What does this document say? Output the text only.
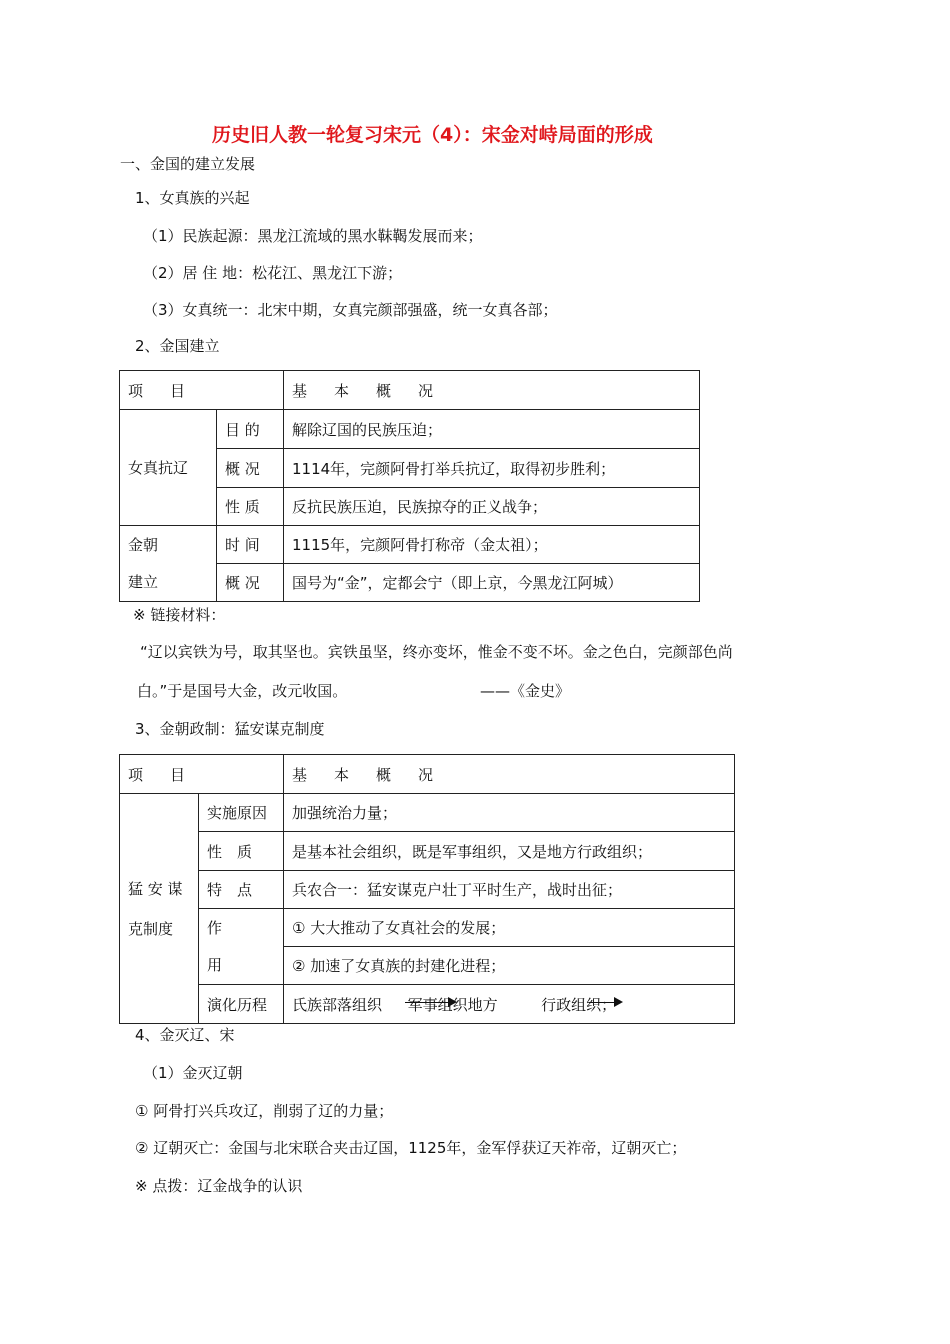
历史旧人教一轮复习宋元（4）：宋金对峙局面的形成
一、金国的建立发展
1、女真族的兴起
（1）民族起源：黑龙江流域的黑水靺鞨发展而来；
（2）居 住 地：松花江、黑龙江下游；
（3）女真统一：北宋中期，女真完颜部强盛，统一女真各部；
2、金国建立
项　目		基　本　概　况
女真抗辽	目 的	解除辽国的民族压迫；
	概 况	1114年，完颜阿骨打举兵抗辽，取得初步胜利；
	性 质	反抗民族压迫，民族掠夺的正义战争；

金朝
建立	时 间	1115年，完颜阿骨打称帝（金太祖）；
	概 况	国号为“金”，定都会宁（即上京，今黑龙江阿城）
※ 链接材料：
“辽以宾铁为号，取其坚也。宾铁虽坚，终亦变坏，惟金不变不坏。金之色白，完颜部色尚
白。”于是国号大金，改元收国。	——《金史》
3、金朝政制：猛安谋克制度
项　目		基　本　概　况

猛 安 谋
克制度	实施原因	加强统治力量；
	性　质	是基本社会组织，既是军事组织，又是地方行政组织；
	特　点	兵农合一：猛安谋克户壮丁平时生产，战时出征；

	作
用	① 大大推动了女真社会的发展；
		② 加速了女真族的封建化进程；
	演化历程	氏族部落组织 军事组织地方 行政组织；
4、金灭辽、宋
（1）金灭辽朝
① 阿骨打兴兵攻辽，削弱了辽的力量；
② 辽朝灭亡：金国与北宋联合夹击辽国，1125年，金军俘获辽天祚帝，辽朝灭亡；
※ 点拨：辽金战争的认识
